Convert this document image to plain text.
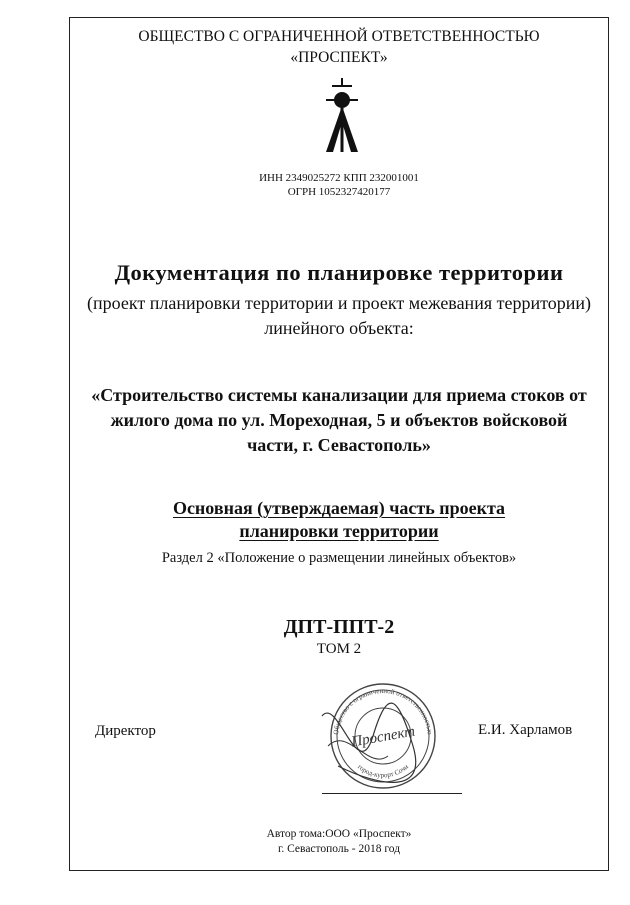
ОБЩЕСТВО С ОГРАНИЧЕННОЙ ОТВЕТСТВЕННОСТЬЮ
«ПРОСПЕКТ»
ИНН 2349025272 КПП 232001001
ОГРН 1052327420177
Документация по планировке территории
(проект планировки территории и проект межевания территории) линейного объекта:
«Строительство системы канализации для приема стоков от жилого дома по ул. Мореходная, 5 и объектов войсковой части, г. Севастополь»
Основная (утверждаемая) часть проекта
планировки территории
Раздел 2 «Положение о размещении линейных объектов»
ДПТ-ППТ-2
ТОМ 2
Директор	Е.И. Харламов
Общество с ограниченной ответственностью
город-курорт Сочи
Проспект
Автор тома:ООО «Проспект»
г. Севастополь - 2018 год
